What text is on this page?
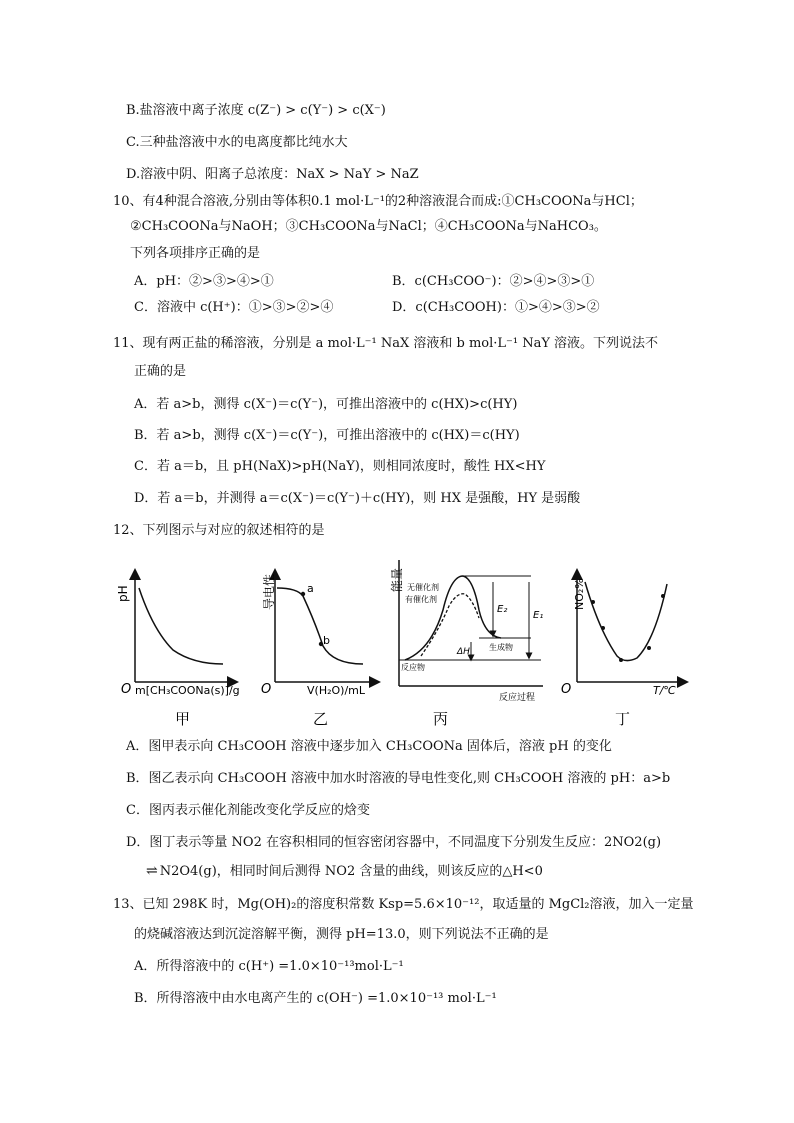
B.盐溶液中离子浓度 c(Z⁻) > c(Y⁻) > c(X⁻)
C.三种盐溶液中水的电离度都比纯水大
D.溶液中阴、阳离子总浓度：NaX > NaY > NaZ
10、有4种混合溶液,分别由等体积0.1 mol·L⁻¹的2种溶液混合而成:①CH₃COONa与HCl；
②CH₃COONa与NaOH；③CH₃COONa与NaCl；④CH₃COONa与NaHCO₃。
下列各项排序正确的是
A．pH：②>③>④>①	B．c(CH₃COO⁻)：②>④>③>①
C．溶液中 c(H⁺)：①>③>②>④	D．c(CH₃COOH)：①>④>③>②
11、现有两正盐的稀溶液，分别是 a mol·L⁻¹ NaX 溶液和 b mol·L⁻¹ NaY 溶液。下列说法不
正确的是
A．若 a>b，测得 c(X⁻)＝c(Y⁻)，可推出溶液中的 c(HX)>c(HY)
B．若 a>b，测得 c(X⁻)＝c(Y⁻)，可推出溶液中的 c(HX)＝c(HY)
C．若 a＝b，且 pH(NaX)>pH(NaY)，则相同浓度时，酸性 HX<HY
D．若 a＝b，并测得 a＝c(X⁻)＝c(Y⁻)＋c(HY)，则 HX 是强酸，HY 是弱酸
12、下列图示与对应的叙述相符的是
pH
O m[CH₃COONa(s)]/g
甲
a
b
导电性
O	V(H₂O)/mL
乙
能量 无催化剂
有催化剂
E₂
E₁
ΔH 生成物
反应物
反应过程
丙
NO₂%
O	T/℃
丁
A．图甲表示向 CH₃COOH 溶液中逐步加入 CH₃COONa 固体后，溶液 pH 的变化
B．图乙表示向 CH₃COOH 溶液中加水时溶液的导电性变化,则 CH₃COOH 溶液的 pH：a>b
C．图丙表示催化剂能改变化学反应的焓变
D．图丁表示等量 NO2 在容积相同的恒容密闭容器中，不同温度下分别发生反应：2NO2(g)
⇌ N2O4(g)，相同时间后测得 NO2 含量的曲线，则该反应的△H<0
13、已知 298K 时，Mg(OH)₂的溶度积常数 Ksp=5.6×10⁻¹²，取适量的 MgCl₂溶液，加入一定量
的烧碱溶液达到沉淀溶解平衡，测得 pH=13.0，则下列说法不正确的是
A．所得溶液中的 c(H⁺) =1.0×10⁻¹³mol·L⁻¹
B．所得溶液中由水电离产生的 c(OH⁻) =1.0×10⁻¹³ mol·L⁻¹
